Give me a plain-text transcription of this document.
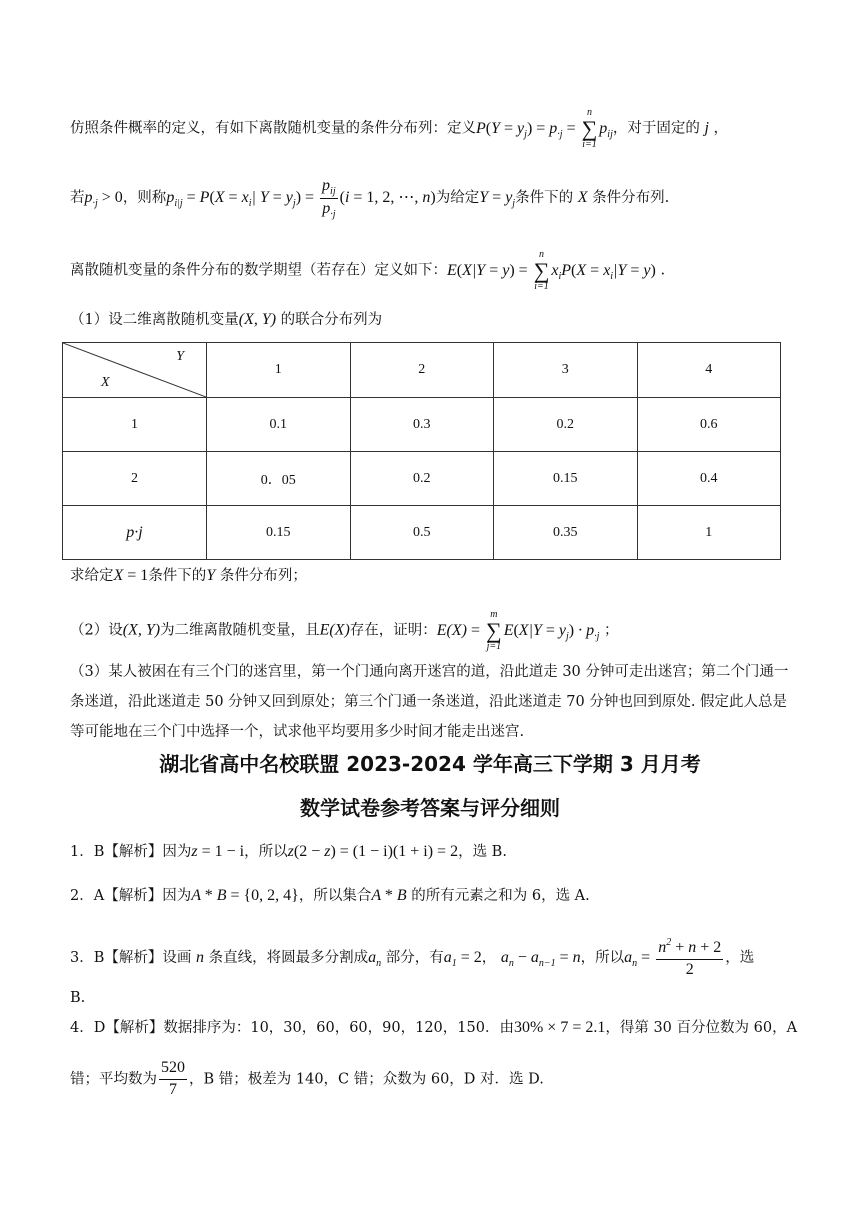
仿照条件概率的定义，有如下离散随机变量的条件分布列：定义$P(Y = y_j) = p_{\cdot j}$ =
n
∑
i=1
$p_{ij}$，对于固定的 j ，
若$p_{\cdot j} > 0$，则称$p_{i|j} = P(X = x_i|$ $Y = y_j) = \frac{p_{ij}}{p_{\cdot j}} (i = 1$, 2, ⋯, n)为给定$Y = y_j$条件下的 X 条件分布列.
离散随机变量的条件分布的数学期望（若存在）定义如下：E(X|Y = y) =
n
∑
i=1
$x_iP(X = x_i|Y = y)$ .
（1）设二维离散随机变量(X, Y) 的联合分布列为
Y
X	1	2	3	4
1	0.1	0.3	0.2	0.6
2	0．05	0.2	0.15	0.4
p·j	0.15	0.5	0.35	1
求给定X = 1条件下的Y 条件分布列；
（2）设(X, Y)为二维离散随机变量，且E(X)存在，证明：E(X) =
m
∑
j=1
$E(X|Y = y_j) \cdot p_{\cdot j}$ ；
（3）某人被困在有三个门的迷宫里，第一个门通向离开迷宫的道，沿此道走 30 分钟可走出迷宫；第二个门通一条迷道，沿此迷道走 50 分钟又回到原处；第三个门通一条迷道，沿此迷道走 70 分钟也回到原处. 假定此人总是等可能地在三个门中选择一个，试求他平均要用多少时间才能走出迷宫.
湖北省高中名校联盟 2023-2024 学年高三下学期 3 月月考
数学试卷参考答案与评分细则
1．B【解析】因为z = 1 − i，所以z(2 − z) = (1 − i)(1 + i) = 2，选 B.
2．A【解析】因为A * B = {0, 2, 4}，所以集合A * B 的所有元素之和为 6，选 A.
3．B【解析】设画 n 条直线，将圆最多分割成$a_n$ 部分，有$a_1 = 2$， $a_n - a_{n-1} = n$，所以$a_n = \frac{n^2 + n + 2}{2}$ ，选
B.
4．D【解析】数据排序为：10，30，60，60，90，120，150．由30% × 7 = 2.1，得第 30 百分位数为 60，A
错；平均数为 $\frac{520}{7}$ ，B 错；极差为 140，C 错；众数为 60，D 对．选 D.
